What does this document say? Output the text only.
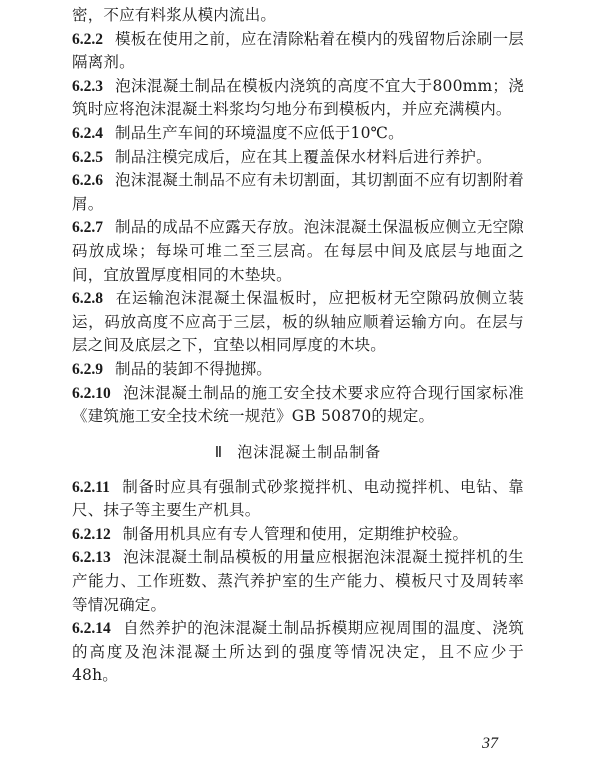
密，不应有料浆从模内流出。

6.2.2 模板在使用之前，应在清除粘着在模内的残留物后涂刷一层隔离剂。

6.2.3 泡沫混凝土制品在模板内浇筑的高度不宜大于800mm；浇筑时应将泡沫混凝土料浆均匀地分布到模板内，并应充满模内。

6.2.4 制品生产车间的环境温度不应低于10℃。

6.2.5 制品注模完成后，应在其上覆盖保水材料后进行养护。

6.2.6 泡沫混凝土制品不应有未切割面，其切割面不应有切割附着屑。

6.2.7 制品的成品不应露天存放。泡沫混凝土保温板应侧立无空隙码放成垛；每垛可堆二至三层高。在每层中间及底层与地面之间，宜放置厚度相同的木垫块。

6.2.8 在运输泡沫混凝土保温板时，应把板材无空隙码放侧立装运，码放高度不应高于三层，板的纵轴应顺着运输方向。在层与层之间及底层之下，宜垫以相同厚度的木块。

6.2.9 制品的装卸不得抛掷。

6.2.10 泡沫混凝土制品的施工安全技术要求应符合现行国家标准《建筑施工安全技术统一规范》GB 50870的规定。

Ⅱ 泡沫混凝土制品制备

6.2.11 制备时应具有强制式砂浆搅拌机、电动搅拌机、电钻、靠尺、抹子等主要生产机具。

6.2.12 制备用机具应有专人管理和使用，定期维护校验。

6.2.13 泡沫混凝土制品模板的用量应根据泡沫混凝土搅拌机的生产能力、工作班数、蒸汽养护室的生产能力、模板尺寸及周转率等情况确定。

6.2.14 自然养护的泡沫混凝土制品拆模期应视周围的温度、浇筑的高度及泡沫混凝土所达到的强度等情况决定，且不应少于48h。

37
